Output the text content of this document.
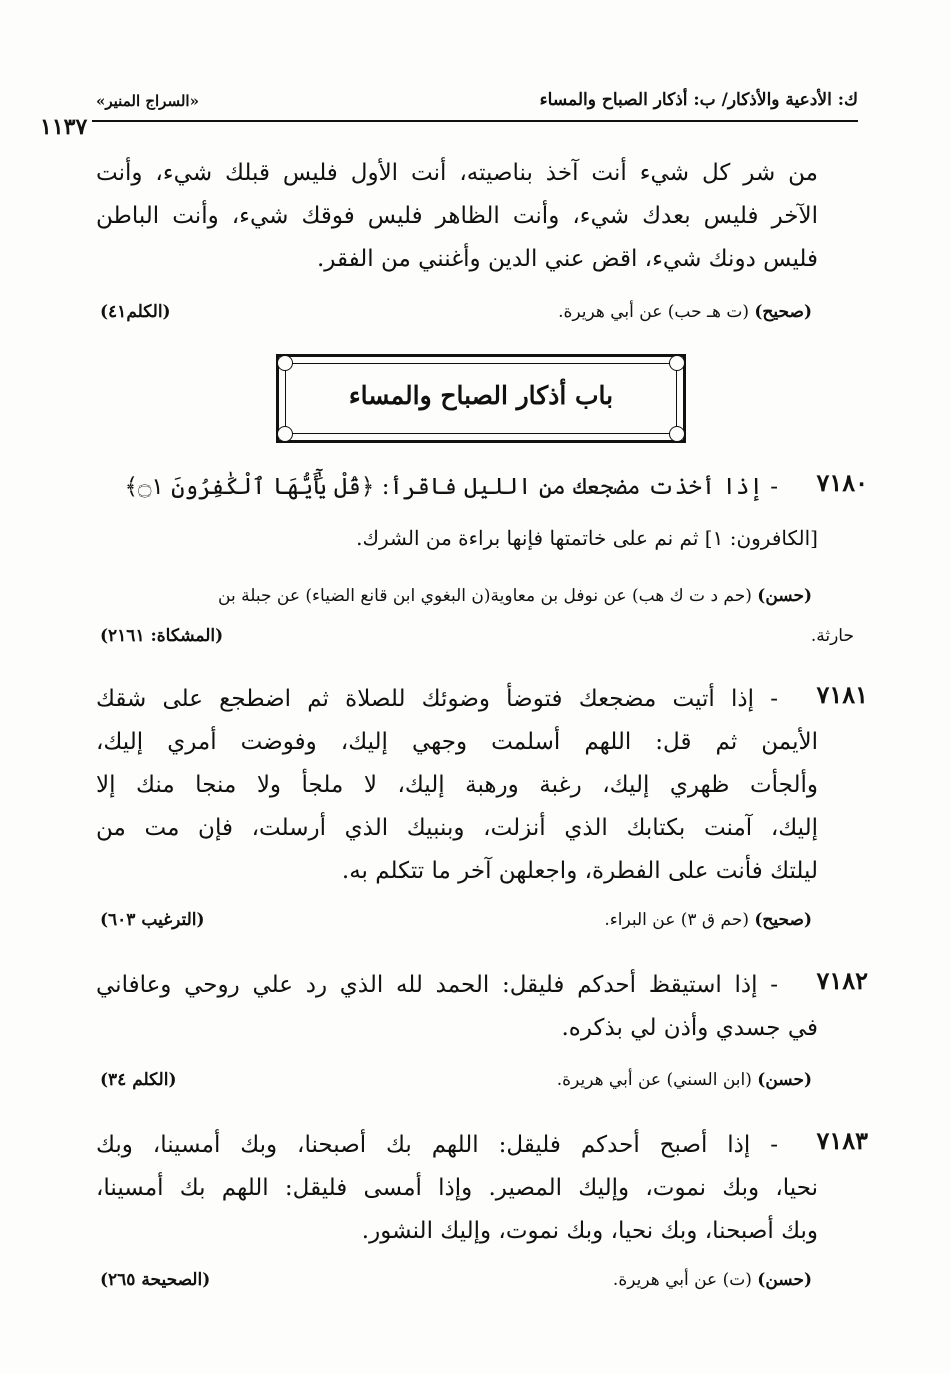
ك: الأدعية والأذكار/ ب: أذكار الصباح والمساء
«السراج المنير»
١١٣٧
من شر كل شيء أنت آخذ بناصيته، أنت الأول فليس قبلك شيء، وأنت
الآخر فليس بعدك شيء، وأنت الظاهر فليس فوقك شيء، وأنت الباطن
فليس دونك شيء، اقض عني الدين وأغنني من الفقر.
(صحيح) (ت هـ حب) عن أبي هريرة.
(الكلم٤١)
باب أذكار الصباح والمساء
٧١٨٠
- إذا أخذت مضجعك من الليل فاقرأ: ﴿قُلْ يَٰٓأَيُّهَا ٱلْكَٰفِرُونَ ۝١﴾
[الكافرون: ١] ثم نم على خاتمتها فإنها براءة من الشرك.
(حسن) (حم د ت ك هب) عن نوفل بن معاوية(ن البغوي ابن قانع الضياء) عن جبلة بن
حارثة.
(المشكاة: ٢١٦١)
٧١٨١
- إذا أتيت مضجعك فتوضأ وضوئك للصلاة ثم اضطجع على شقك
الأيمن ثم قل: اللهم أسلمت وجهي إليك، وفوضت أمري إليك،
وألجأت ظهري إليك، رغبة ورهبة إليك، لا ملجأ ولا منجا منك إلا
إليك، آمنت بكتابك الذي أنزلت، وبنبيك الذي أرسلت، فإن مت من
ليلتك فأنت على الفطرة، واجعلهن آخر ما تتكلم به.
(صحيح) (حم ق ٣) عن البراء.
(الترغيب ٦٠٣)
٧١٨٢
- إذا استيقظ أحدكم فليقل: الحمد لله الذي رد علي روحي وعافاني
في جسدي وأذن لي بذكره.
(حسن) (ابن السني) عن أبي هريرة.
(الكلم ٣٤)
٧١٨٣
- إذا أصبح أحدكم فليقل: اللهم بك أصبحنا، وبك أمسينا، وبك
نحيا، وبك نموت، وإليك المصير. وإذا أمسى فليقل: اللهم بك أمسينا،
وبك أصبحنا، وبك نحيا، وبك نموت، وإليك النشور.
(حسن) (ت) عن أبي هريرة.
(الصحيحة ٢٦٥)
